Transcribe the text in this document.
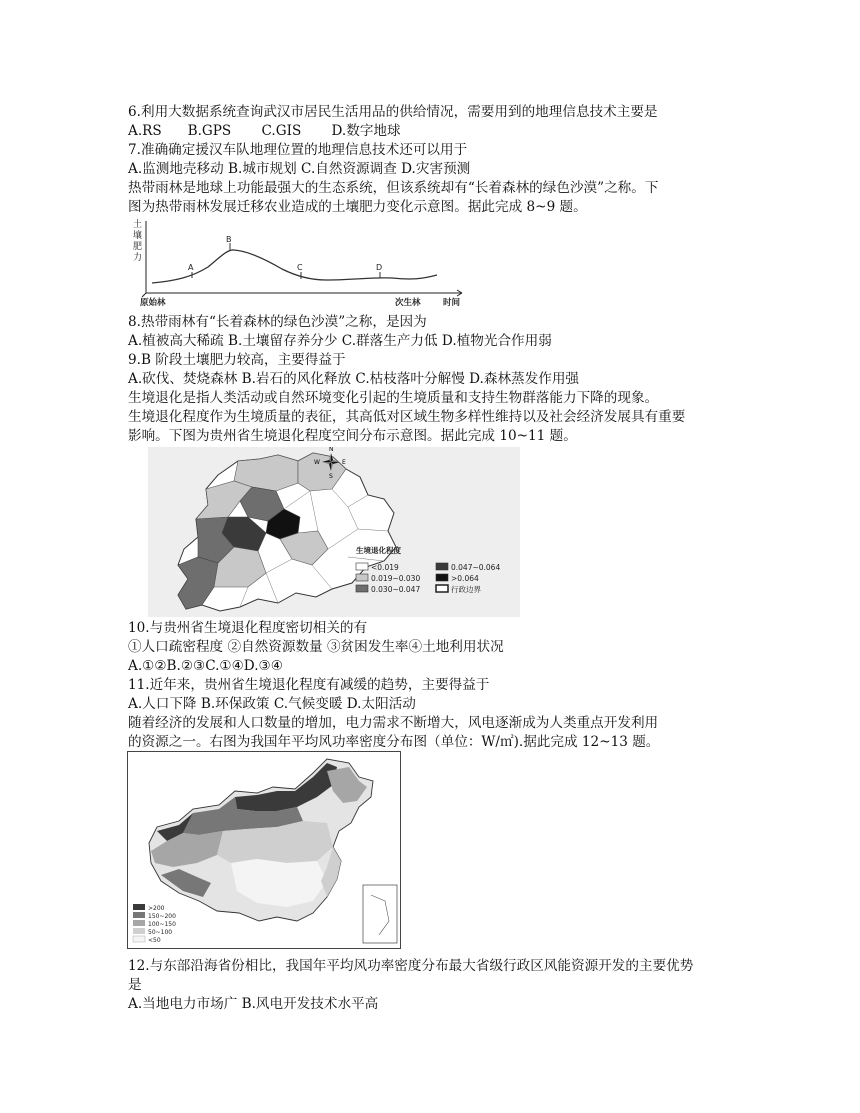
6.利用大数据系统查询武汉市居民生活用品的供给情况，需要用到的地理信息技术主要是
A.RS      B.GPS       C.GIS       D.数字地球
7.准确确定援汉车队地理位置的地理信息技术还可以用于
A.监测地壳移动 B.城市规划 C.自然资源调查 D.灾害预测
热带雨林是地球上功能最强大的生态系统，但该系统却有“长着森林的绿色沙漠”之称。下
图为热带雨林发展迁移农业造成的土壤肥力变化示意图。据此完成 8~9 题。
土
壤
肥
力
A
B
C	D
原始林	次生林	时间
8.热带雨林有“长着森林的绿色沙漠”之称，是因为
A.植被高大稀疏 B.土壤留存养分少 C.群落生产力低 D.植物光合作用弱
9.B 阶段土壤肥力较高，主要得益于
A.砍伐、焚烧森林 B.岩石的风化释放 C.枯枝落叶分解慢 D.森林蒸发作用强
生境退化是指人类活动或自然环境变化引起的生境质量和支持生物群落能力下降的现象。
生境退化程度作为生境质量的表征，其高低对区域生物多样性维持以及社会经济发展具有重要
影响。下图为贵州省生境退化程度空间分布示意图。据此完成 10~11 题。
N
S
E
W
生境退化程度
<0.019
0.019~0.030
0.030~0.047
0.047~0.064
>0.064
行政边界
10.与贵州省生境退化程度密切相关的有
①人口疏密程度 ②自然资源数量 ③贫困发生率④土地利用状况
A.①②B.②③C.①④D.③④
11.近年来，贵州省生境退化程度有减缓的趋势，主要得益于
A.人口下降 B.环保政策 C.气候变暖 D.太阳活动
随着经济的发展和人口数量的增加，电力需求不断增大，风电逐渐成为人类重点开发利用
的资源之一。右图为我国年平均风功率密度分布图（单位：W/㎡).据此完成 12~13 题。
>200
150~200
100~150
50~100
<50
12.与东部沿海省份相比，我国年平均风功率密度分布最大省级行政区风能资源开发的主要优势
是
A.当地电力市场广 B.风电开发技术水平高
